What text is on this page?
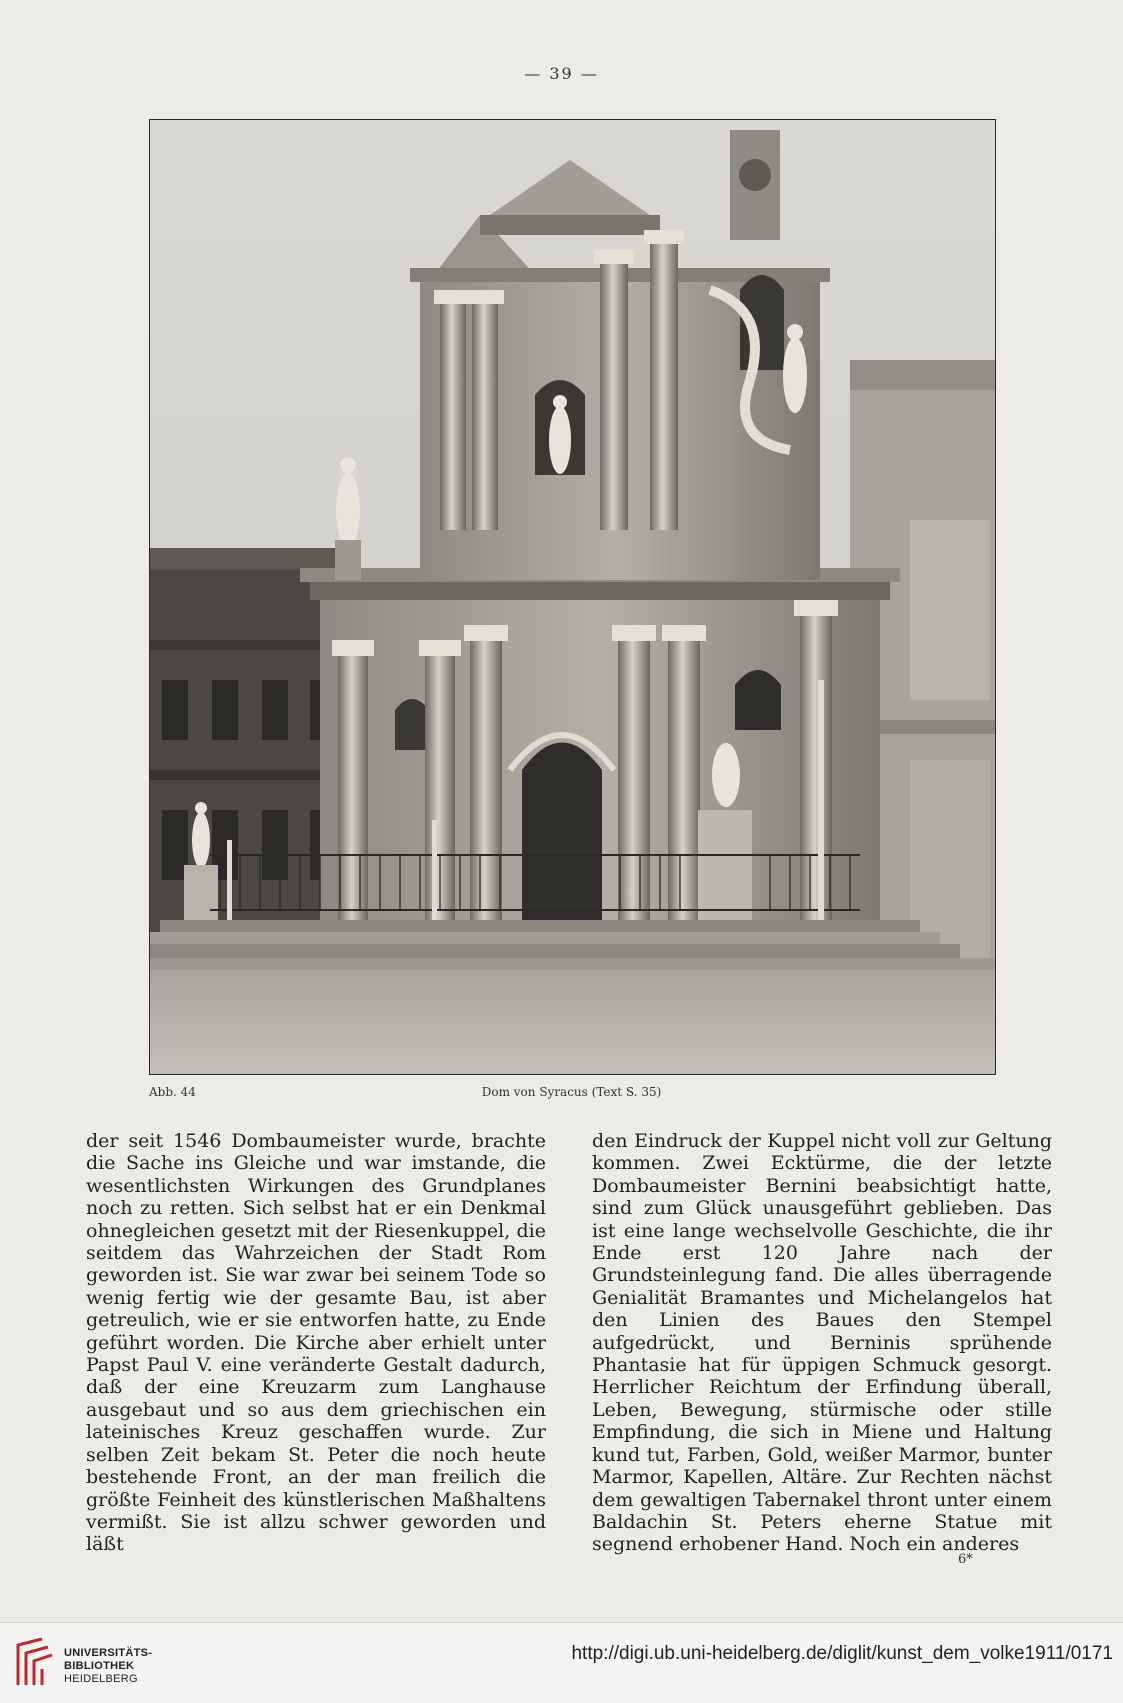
— 39 —
Abb. 44	Dom von Syracus (Text S. 35)

der seit 1546 Dombaumeister wurde, brachte die Sache ins Gleiche und war imstande, die wesentlichsten Wirkungen des Grundplanes noch zu retten. Sich selbst hat er ein Denkmal ohnegleichen gesetzt mit der Riesenkuppel, die seitdem das Wahrzeichen der Stadt Rom geworden ist. Sie war zwar bei seinem Tode so wenig fertig wie der gesamte Bau, ist aber getreulich, wie er sie entworfen hatte, zu Ende geführt worden. Die Kirche aber erhielt unter Papst Paul V. eine veränderte Gestalt dadurch, daß der eine Kreuzarm zum Langhause ausgebaut und so aus dem griechischen ein lateinisches Kreuz geschaffen wurde. Zur selben Zeit bekam St. Peter die noch heute bestehende Front, an der man freilich die größte Feinheit des künstlerischen Maßhaltens vermißt. Sie ist allzu schwer geworden und läßt

den Eindruck der Kuppel nicht voll zur Geltung kommen. Zwei Ecktürme, die der letzte Dombaumeister Bernini beabsichtigt hatte, sind zum Glück unausgeführt geblieben. Das ist eine lange wechselvolle Geschichte, die ihr Ende erst 120 Jahre nach der Grundsteinlegung fand. Die alles überragende Genialität Bramantes und Michelangelos hat den Linien des Baues den Stempel aufgedrückt, und Berninis sprühende Phantasie hat für üppigen Schmuck gesorgt. Herrlicher Reichtum der Erfindung überall, Leben, Bewegung, stürmische oder stille Empfindung, die sich in Miene und Haltung kund tut, Farben, Gold, weißer Marmor, bunter Marmor, Kapellen, Altäre. Zur Rechten nächst dem gewaltigen Tabernakel thront unter einem Baldachin St. Peters eherne Statue mit segnend erhobener Hand. Noch ein anderes

6*
UNIVERSITÄTS-
BIBLIOTHEK
HEIDELBERG
http://digi.ub.uni-heidelberg.de/diglit/kunst_dem_volke1911/0171
